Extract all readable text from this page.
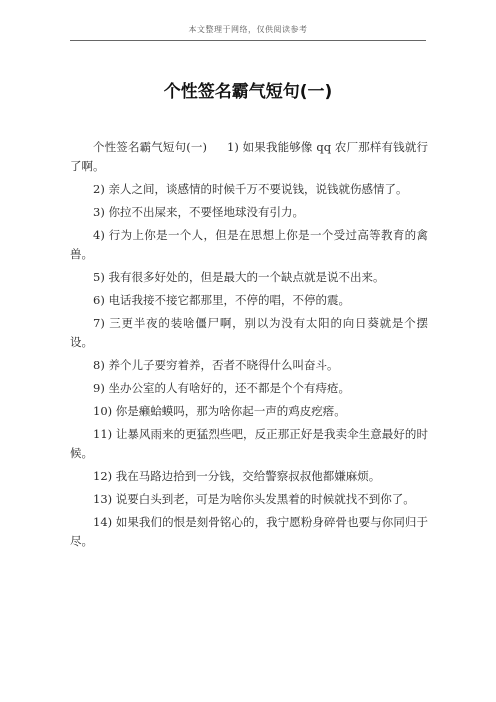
本文整理于网络，仅供阅读参考
个性签名霸气短句(一)

个性签名霸气短句(一) 1) 如果我能够像 qq 农厂那样有钱就行了啊。

2) 亲人之间，谈感情的时候千万不要说钱，说钱就伤感情了。

3) 你拉不出屎来，不要怪地球没有引力。

4) 行为上你是一个人，但是在思想上你是一个受过高等教育的禽兽。

5) 我有很多好处的，但是最大的一个缺点就是说不出来。

6) 电话我接不接它都那里，不停的唱，不停的震。

7) 三更半夜的装啥僵尸啊，别以为没有太阳的向日葵就是个摆设。

8) 养个儿子要穷着养，否者不晓得什么叫奋斗。

9) 坐办公室的人有啥好的，还不都是个个有痔疮。

10) 你是癞蛤蟆吗，那为啥你起一声的鸡皮疙瘩。

11) 让暴风雨来的更猛烈些吧，反正那正好是我卖伞生意最好的时候。

12) 我在马路边拾到一分钱，交给警察叔叔他都嫌麻烦。

13) 说要白头到老，可是为啥你头发黑着的时候就找不到你了。

14) 如果我们的恨是刻骨铭心的，我宁愿粉身碎骨也要与你同归于尽。
